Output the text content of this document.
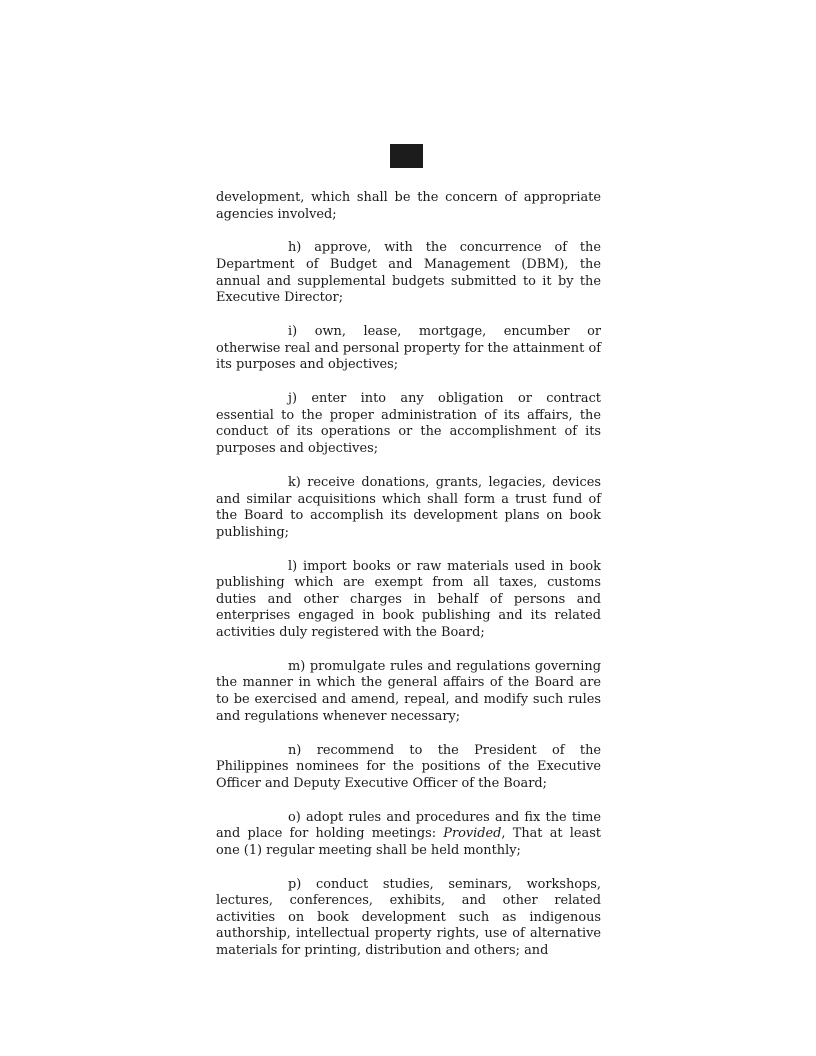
development, which shall be the concern of appropriate agencies involved;

h) approve, with the concurrence of the Department of Budget and Management (DBM), the annual and supplemental budgets submitted to it by the Executive Director;

i) own, lease, mortgage, encumber or otherwise real and personal property for the attainment of its purposes and objectives;

j) enter into any obligation or contract essential to the proper administration of its affairs, the conduct of its operations or the accomplishment of its purposes and objectives;

k) receive donations, grants, legacies, devices and similar acquisitions which shall form a trust fund of the Board to accomplish its development plans on book publishing;

l) import books or raw materials used in book publishing which are exempt from all taxes, customs duties and other charges in behalf of persons and enterprises engaged in book publishing and its related activities duly registered with the Board;

m) promulgate rules and regulations governing the manner in which the general affairs of the Board are to be exercised and amend, repeal, and modify such rules and regulations whenever necessary;

n) recommend to the President of the Philippines nominees for the positions of the Executive Officer and Deputy Executive Officer of the Board;

o) adopt rules and procedures and fix the time and place for holding meetings: Provided, That at least one (1) regular meeting shall be held monthly;

p) conduct studies, seminars, workshops, lectures, conferences, exhibits, and other related activities on book development such as indigenous authorship, intellectual property rights, use of alternative materials for printing, distribution and others; and
